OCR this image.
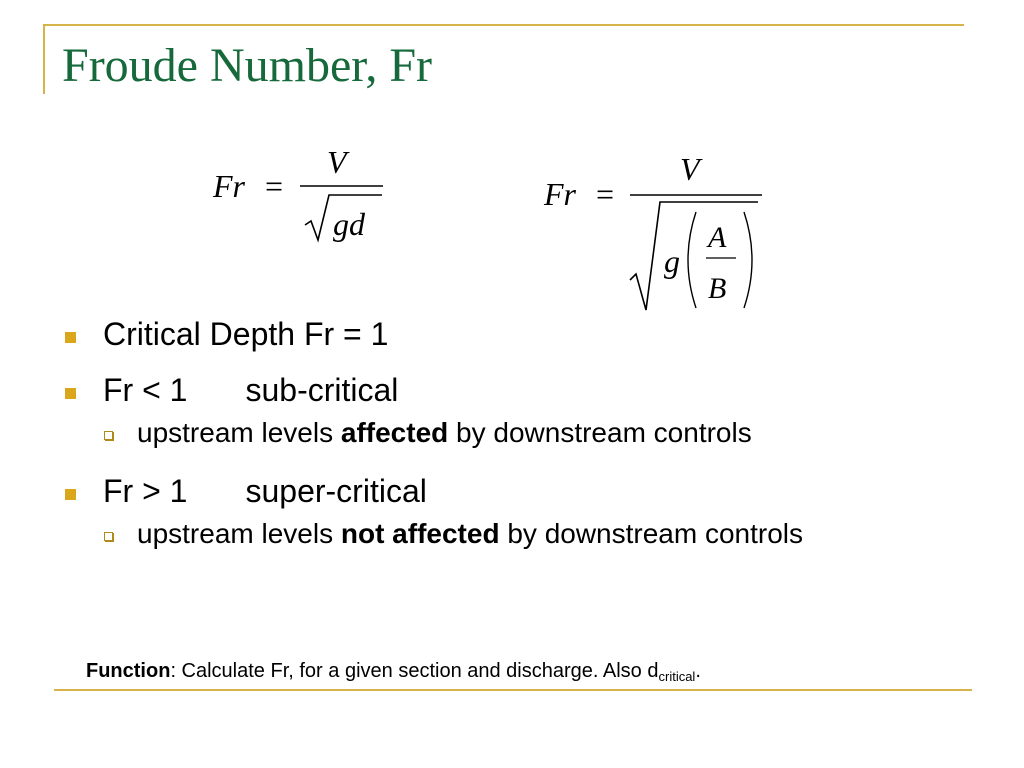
Froude Number, Fr
Fr =
V
gd
Fr =
V
g
A
B
Critical Depth Fr = 1
Fr < 1 sub-critical
upstream levels affected by downstream controls
Fr > 1 super-critical
upstream levels not affected by downstream controls
Function: Calculate Fr, for a given section and discharge. Also $d_{critical}$.
